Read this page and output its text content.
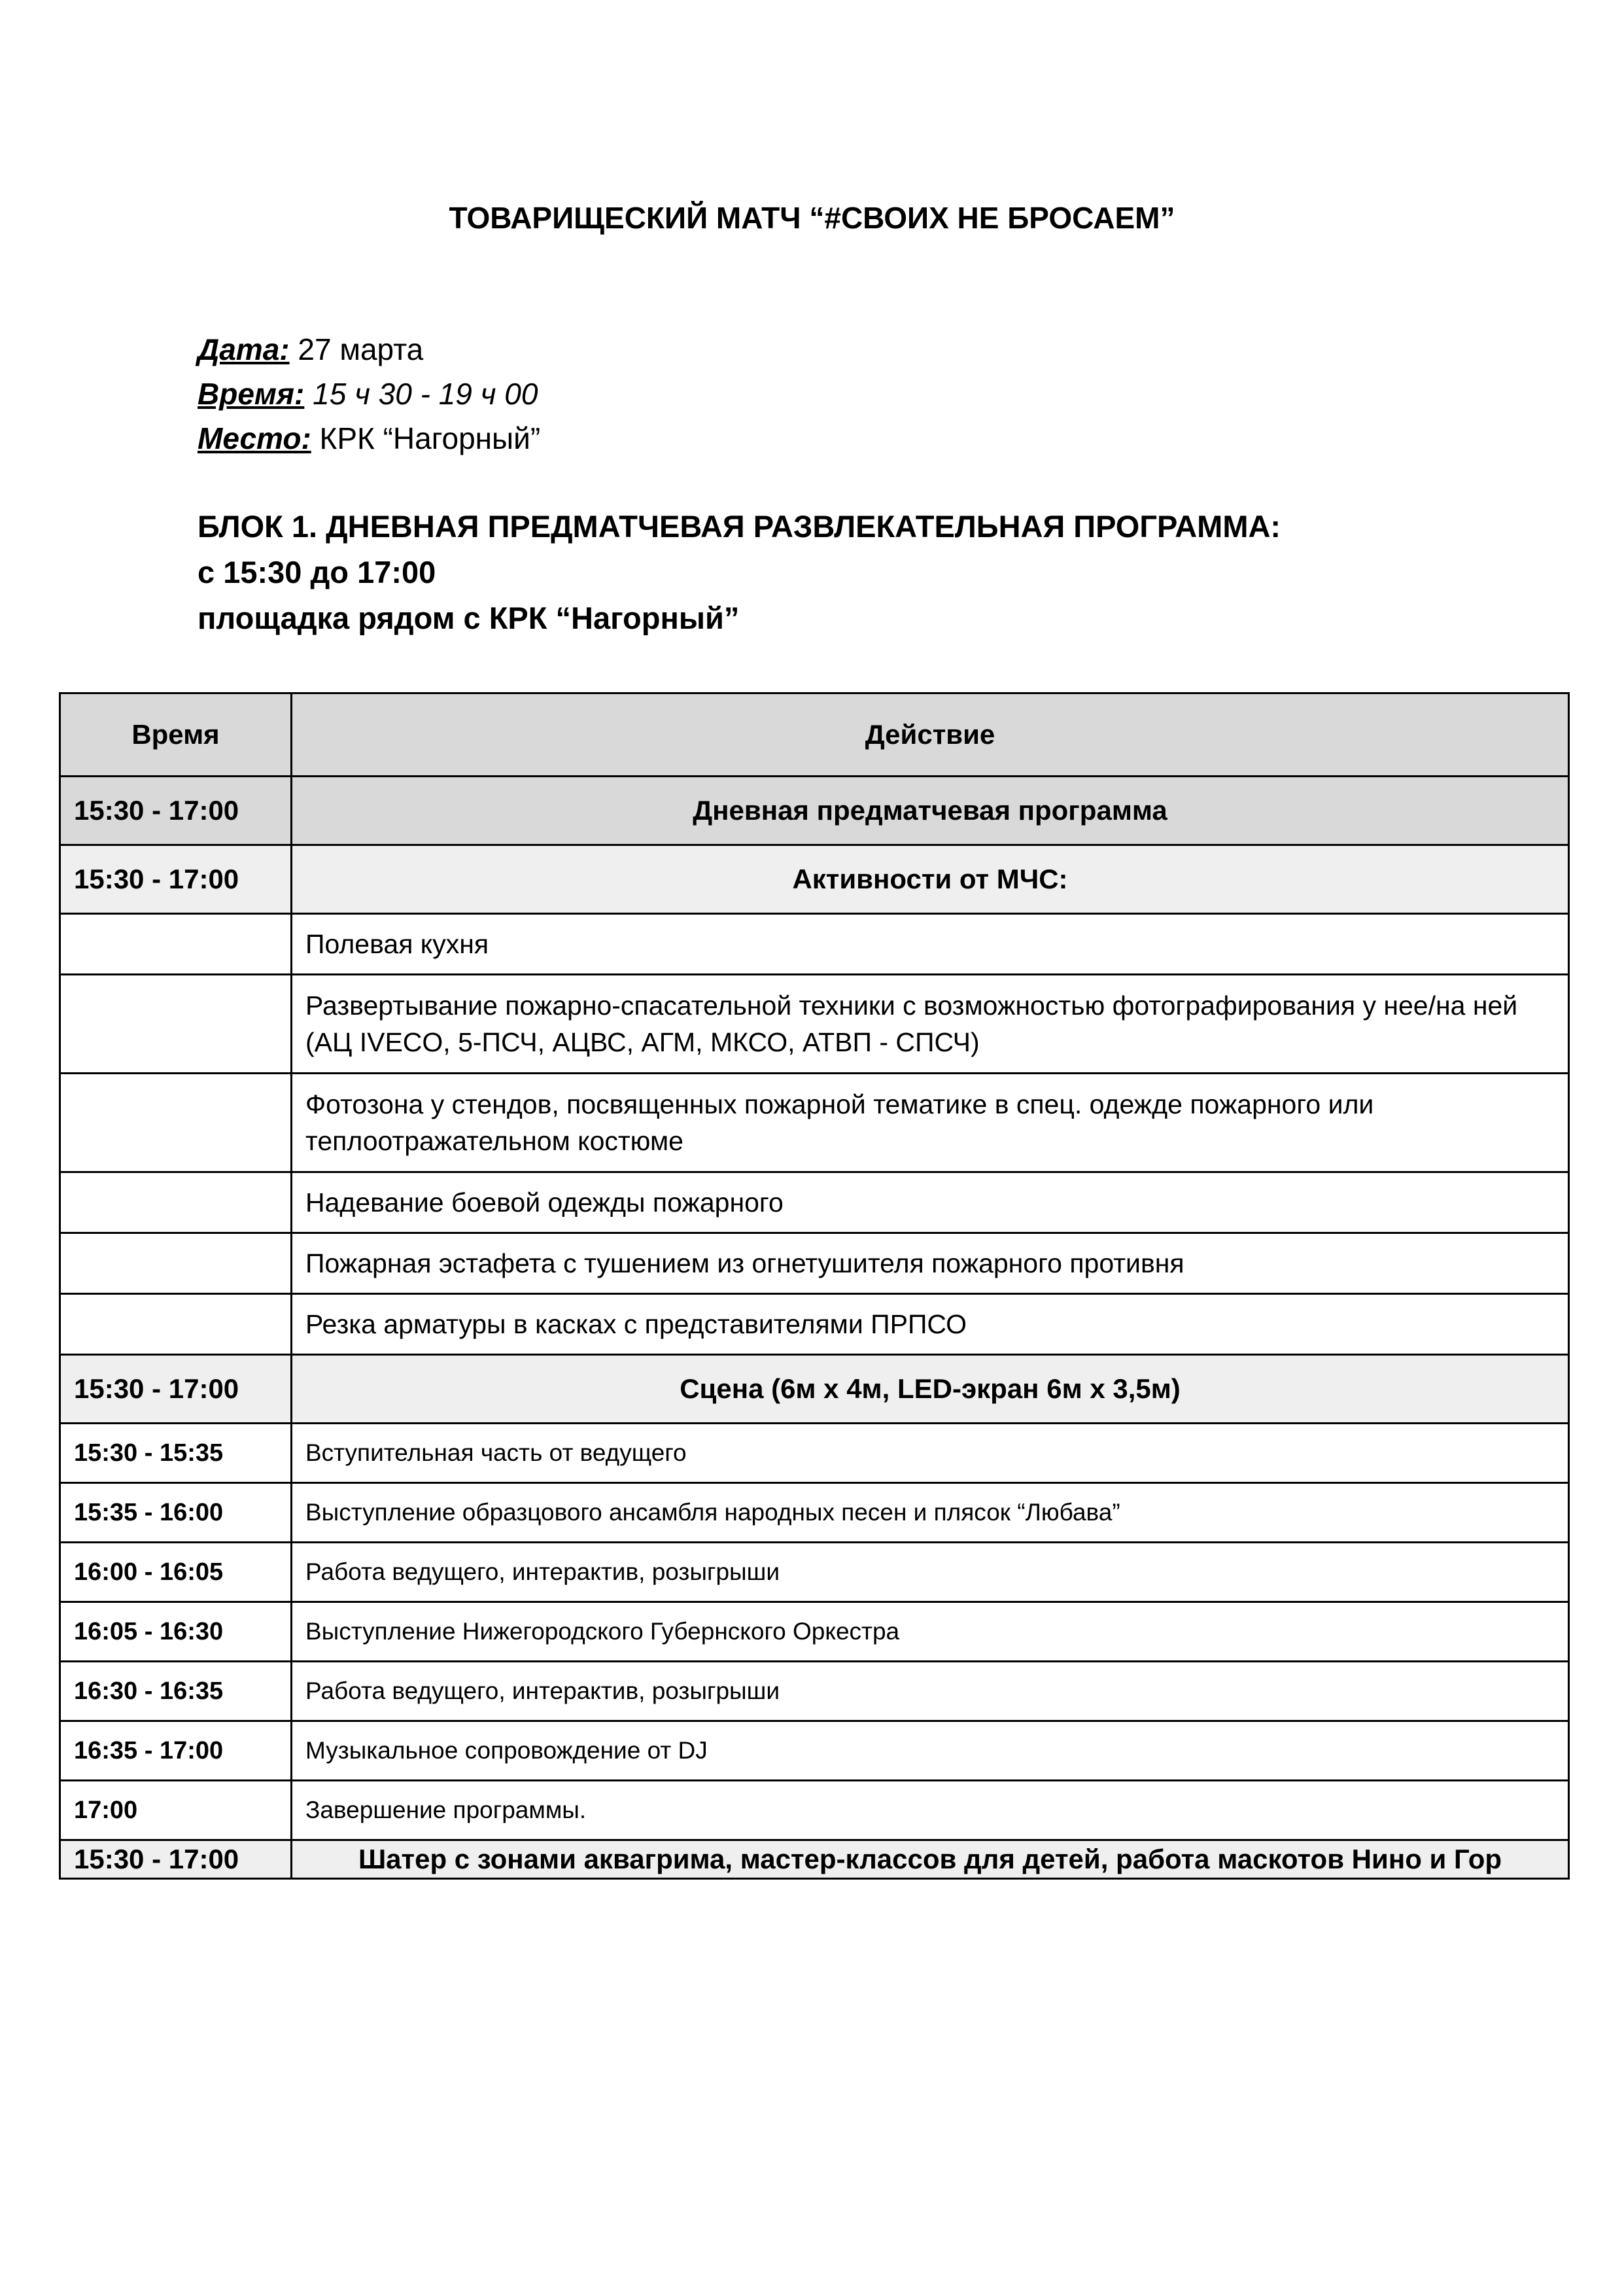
ТОВАРИЩЕСКИЙ МАТЧ “#СВОИХ НЕ БРОСАЕМ”
Дата: 27 марта
Время: 15 ч 30 - 19 ч 00
Место: КРК “Нагорный”
БЛОК 1. ДНЕВНАЯ ПРЕДМАТЧЕВАЯ РАЗВЛЕКАТЕЛЬНАЯ ПРОГРАММА:
с 15:30 до 17:00
площадка рядом с КРК “Нагорный”
Время	Действие
15:30 - 17:00	Дневная предматчевая программа
15:30 - 17:00	Активности от МЧС:
	Полевая кухня
	Развертывание пожарно-спасательной техники с возможностью фотографирования у нее/на ней (АЦ IVECO, 5-ПСЧ, АЦВС, АГМ, МКСО, АТВП - СПСЧ)
	Фотозона у стендов, посвященных пожарной тематике в спец. одежде пожарного или теплоотражательном костюме
	Надевание боевой одежды пожарного
	Пожарная эстафета с тушением из огнетушителя пожарного противня
	Резка арматуры в касках с представителями ПРПСО
15:30 - 17:00	Сцена (6м х 4м, LED-экран 6м х 3,5м)
15:30 - 15:35	Вступительная часть от ведущего
15:35 - 16:00	Выступление образцового ансамбля народных песен и плясок “Любава”
16:00 - 16:05	Работа ведущего, интерактив, розыгрыши
16:05 - 16:30	Выступление Нижегородского Губернского Оркестра
16:30 - 16:35	Работа ведущего, интерактив, розыгрыши
16:35 - 17:00	Музыкальное сопровождение от DJ
17:00	Завершение программы.
15:30 - 17:00	Шатер с зонами аквагрима, мастер-классов для детей, работа маскотов Нино и Гор
